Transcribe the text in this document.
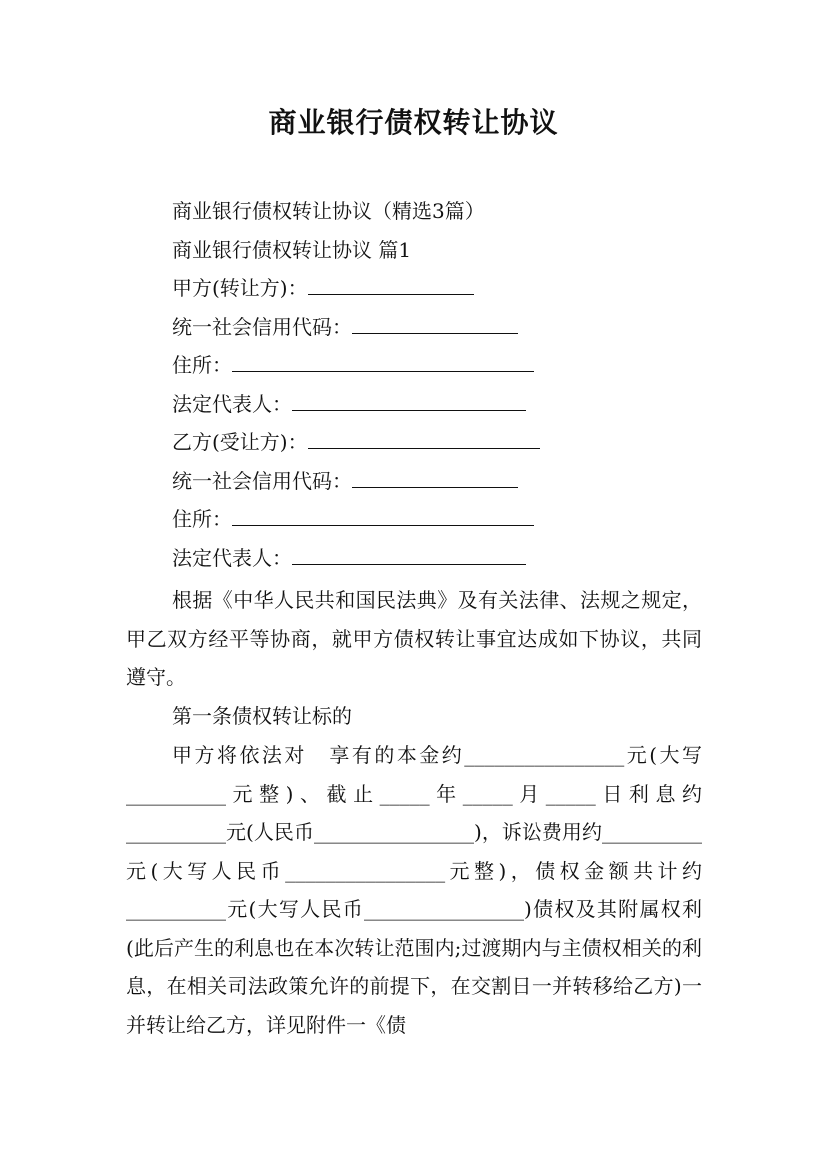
商业银行债权转让协议
商业银行债权转让协议（精选3篇）
商业银行债权转让协议 篇1
甲方(转让方)：
统一社会信用代码：
住所：
法定代表人：
乙方(受让方)：
统一社会信用代码：
住所：
法定代表人：
根据《中华人民共和国民法典》及有关法律、法规之规定，甲乙双方经平等协商，就甲方债权转让事宜达成如下协议，共同遵守。
第一条债权转让标的
甲方将依法对　享有的本金约________________元(大写__________元整)、截止_____年_____月_____日利息约__________元(人民币________________)，诉讼费用约__________元(大写人民币________________元整)，债权金额共计约__________元(大写人民币________________)债权及其附属权利(此后产生的利息也在本次转让范围内;过渡期内与主债权相关的利息，在相关司法政策允许的前提下，在交割日一并转移给乙方)一并转让给乙方，详见附件一《债
